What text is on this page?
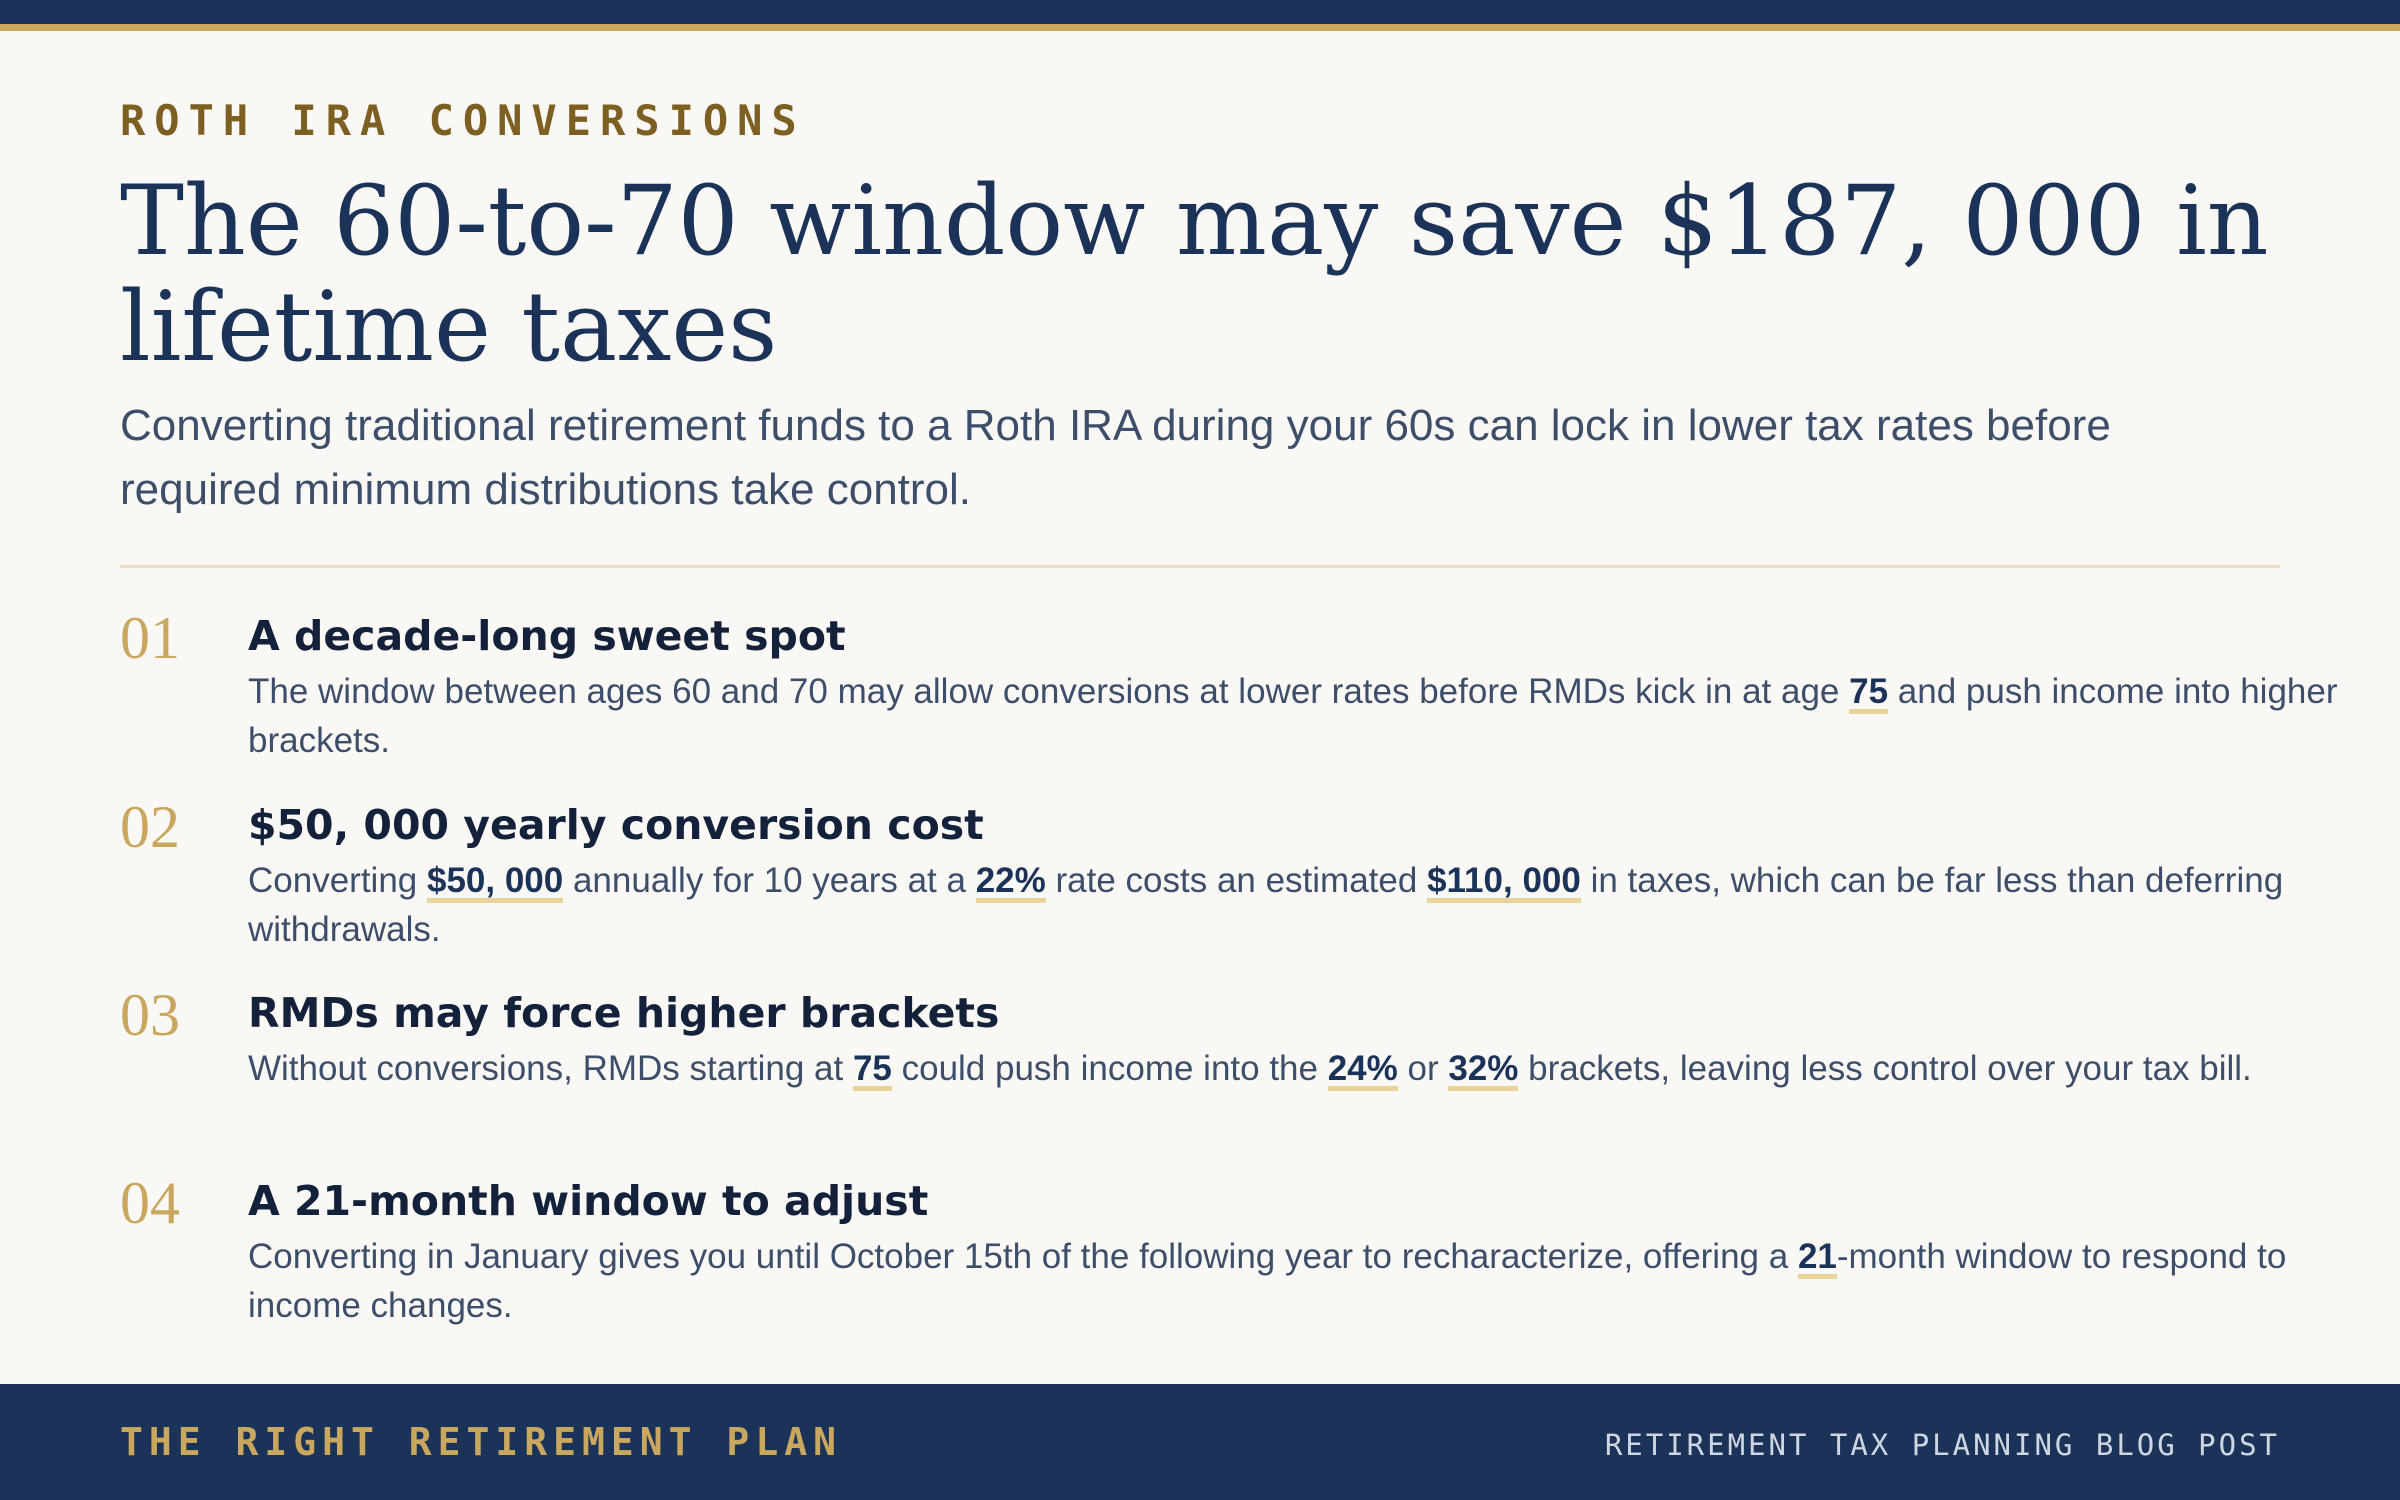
ROTH IRA CONVERSIONS
The 60-to-70 window may save $187, 000 in lifetime taxes

Converting traditional retirement funds to a Roth IRA during your 60s can lock in lower tax rates before required minimum distributions take control.

01 A decade-long sweet spot
The window between ages 60 and 70 may allow conversions at lower rates before RMDs kick in at age 75 and push income into higher brackets.
02 $50, 000 yearly conversion cost
Converting $50, 000 annually for 10 years at a 22% rate costs an estimated $110, 000 in taxes, which can be far less than deferring withdrawals.
03 RMDs may force higher brackets
Without conversions, RMDs starting at 75 could push income into the 24% or 32% brackets, leaving less control over your tax bill.
04 A 21-month window to adjust
Converting in January gives you until October 15th of the following year to recharacterize, offering a 21-month window to respond to income changes.
THE RIGHT RETIREMENT PLAN	RETIREMENT TAX PLANNING BLOG POST
